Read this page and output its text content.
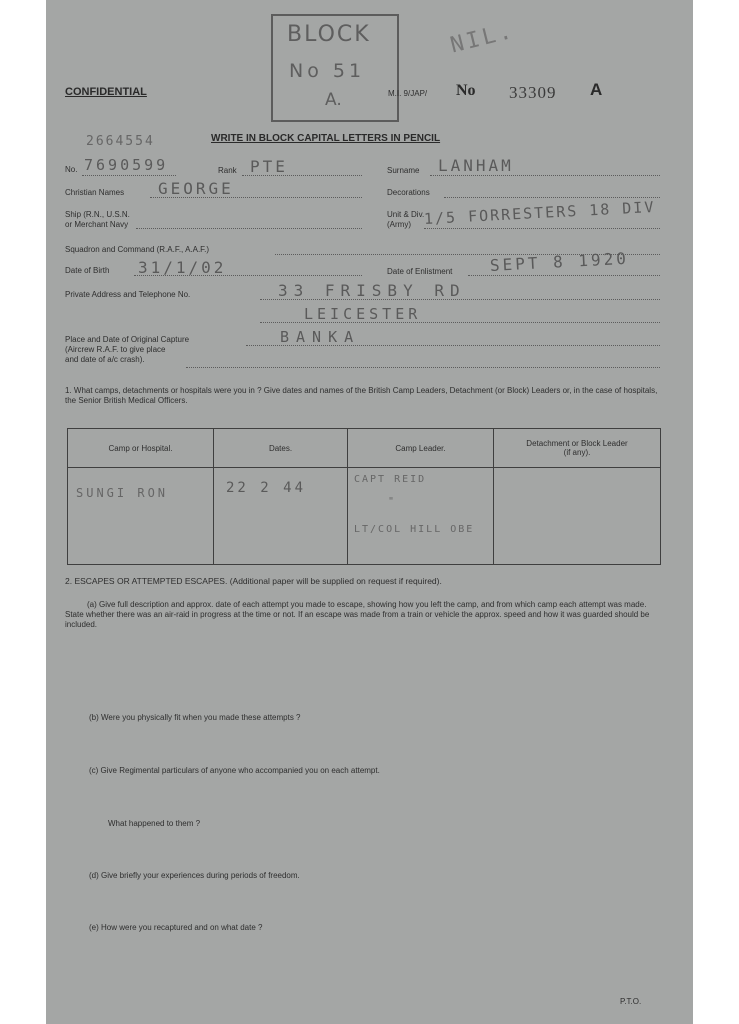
BLOCK
No 51
A.
NIL.
CONFIDENTIAL	M.I. 9/JAP/ No 33309 A
WRITE IN BLOCK CAPITAL LETTERS IN PENCIL
2664554
No. 7690599	Rank PTE	Surname LANHAM
Christian Names GEORGE	Decorations
Ship (R.N., U.S.N.
or Merchant Navy
Unit & Div.
(Army) 1/5 FORRESTERS 18 DIV
Squadron and Command (R.A.F., A.A.F.)
Date of Birth 31/1/02	Date of Enlistment SEPT 8 1920
Private Address and Telephone No.	33 FRISBY RD
LEICESTER
Place and Date of Original Capture
(Aircrew R.A.F. to give place
and date of a/c crash).
BANKA
1. What camps, detachments or hospitals were you in ? Give dates and names of the British Camp Leaders, Detachment (or Block) Leaders or, in the case of hospitals, the Senior British Medical Officers.
Camp or Hospital.	Dates.	Camp Leader.	Detachment or Block Leader (if any).

SUNGI RON	22 2 44	CAPT REID
"
LT/COL HILL OBE	

2. ESCAPES OR ATTEMPTED ESCAPES. (Additional paper will be supplied on request if required).
(a) Give full description and approx. date of each attempt you made to escape, showing how you left the camp, and from which camp each attempt was made. State whether there was an air-raid in progress at the time or not. If an escape was made from a train or vehicle the approx. speed and how it was guarded should be included.
(b) Were you physically fit when you made these attempts ?
(c) Give Regimental particulars of anyone who accompanied you on each attempt.
What happened to them ?
(d) Give briefly your experiences during periods of freedom.
(e) How were you recaptured and on what date ?
P.T.O.
